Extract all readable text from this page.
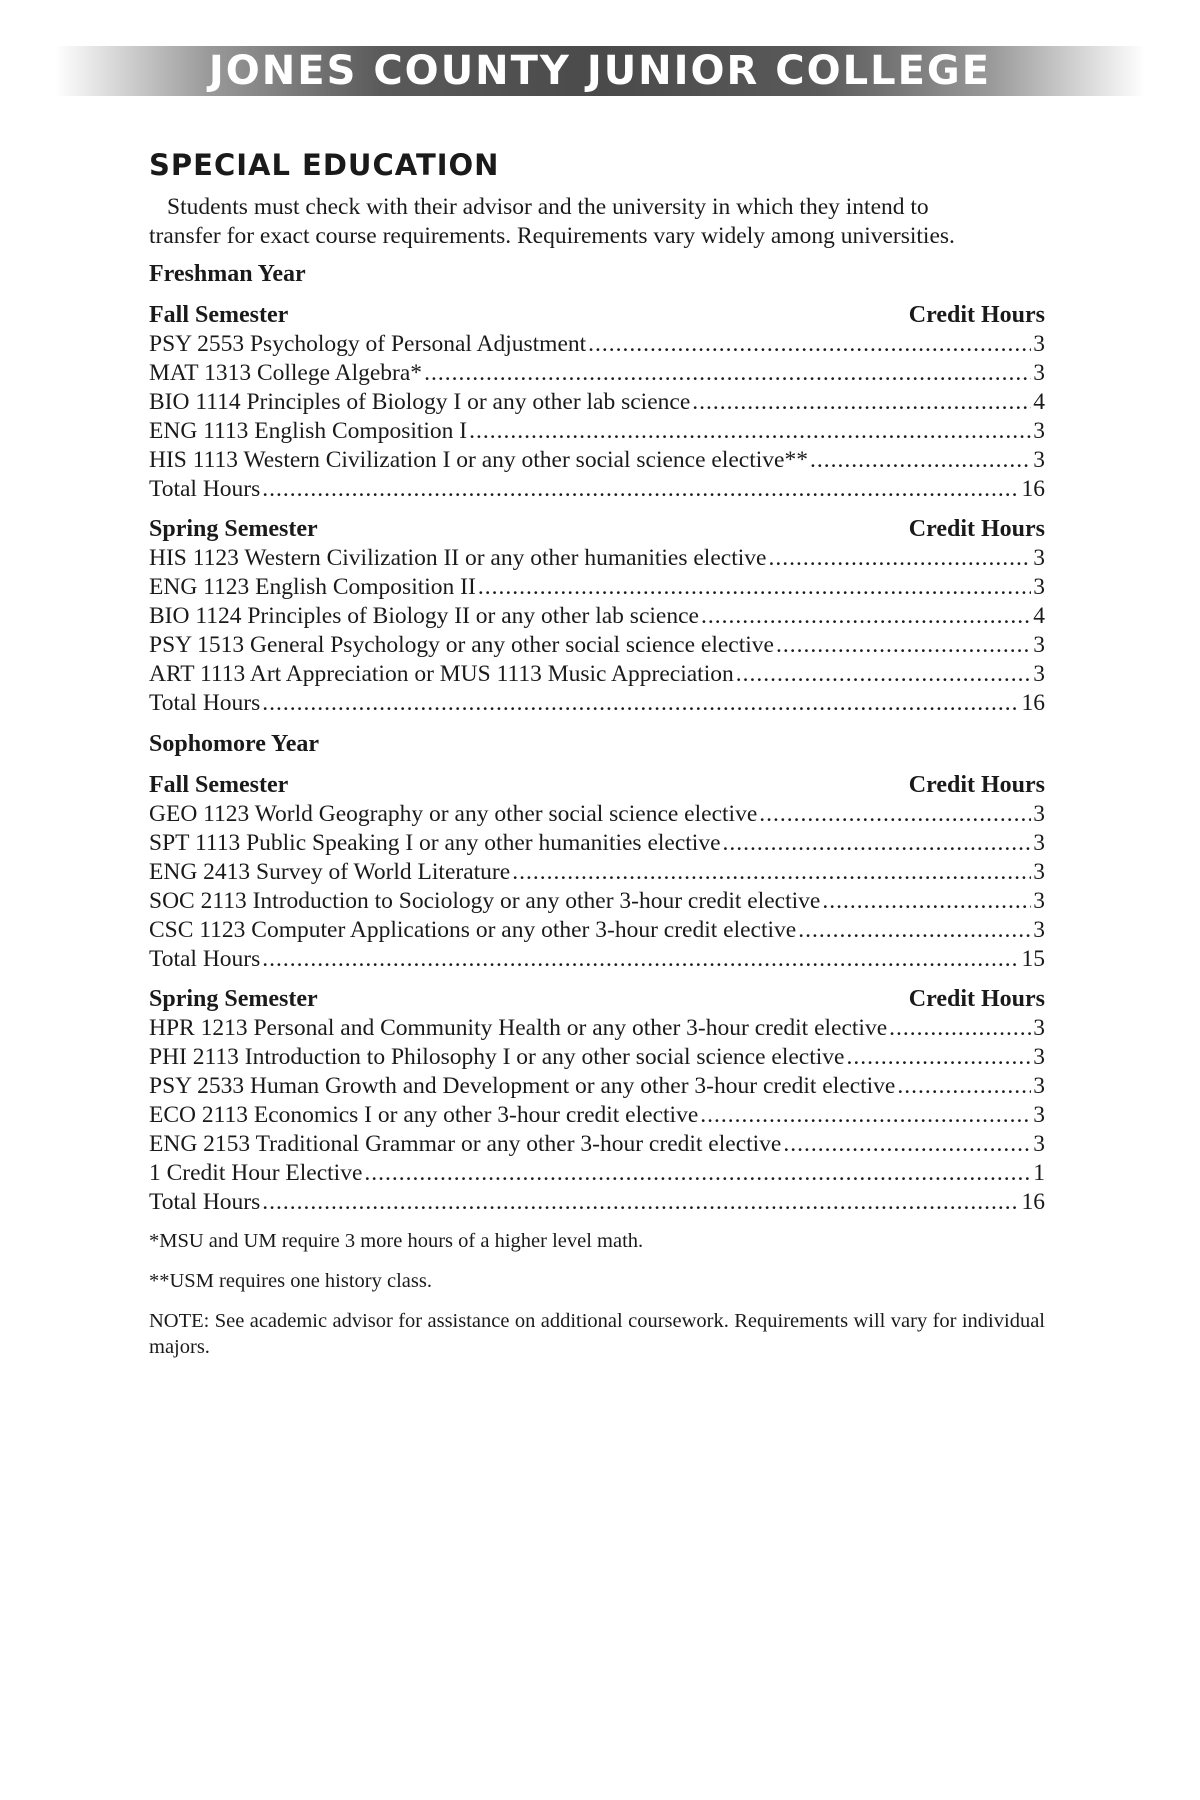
JONES COUNTY JUNIOR COLLEGE
SPECIAL EDUCATION

Students must check with their advisor and the university in which they intend to
transfer for exact course requirements. Requirements vary widely among universities.

Freshman Year
Fall Semester	Credit Hours
PSY 2553 Psychology of Personal Adjustment .....	3
MAT 1313 College Algebra* .....	3
BIO 1114 Principles of Biology I or any other lab science .....	4
ENG 1113 English Composition I .....	3
HIS 1113 Western Civilization I or any other social science elective** .....	3
Total Hours .....	16
Spring Semester	Credit Hours
HIS 1123 Western Civilization II or any other humanities elective .....	3
ENG 1123 English Composition II .....	3
BIO 1124 Principles of Biology II or any other lab science .....	4
PSY 1513 General Psychology or any other social science elective .....	3
ART 1113 Art Appreciation or MUS 1113 Music Appreciation .....	3
Total Hours .....	16
Sophomore Year
Fall Semester	Credit Hours
GEO 1123 World Geography or any other social science elective .....	3
SPT 1113 Public Speaking I or any other humanities elective .....	3
ENG 2413 Survey of World Literature .....	3
SOC 2113 Introduction to Sociology or any other 3-hour credit elective .....	3
CSC 1123 Computer Applications or any other 3-hour credit elective .....	3
Total Hours .....	15
Spring Semester	Credit Hours
HPR 1213 Personal and Community Health or any other 3-hour credit elective .....	3
PHI 2113 Introduction to Philosophy I or any other social science elective .....	3
PSY 2533 Human Growth and Development or any other 3-hour credit elective .....	3
ECO 2113 Economics I or any other 3-hour credit elective .....	3
ENG 2153 Traditional Grammar or any other 3-hour credit elective .....	3
1 Credit Hour Elective .....	1
Total Hours .....	16

*MSU and UM require 3 more hours of a higher level math.

**USM requires one history class.

NOTE: See academic advisor for assistance on additional coursework. Requirements will vary for individual majors.
